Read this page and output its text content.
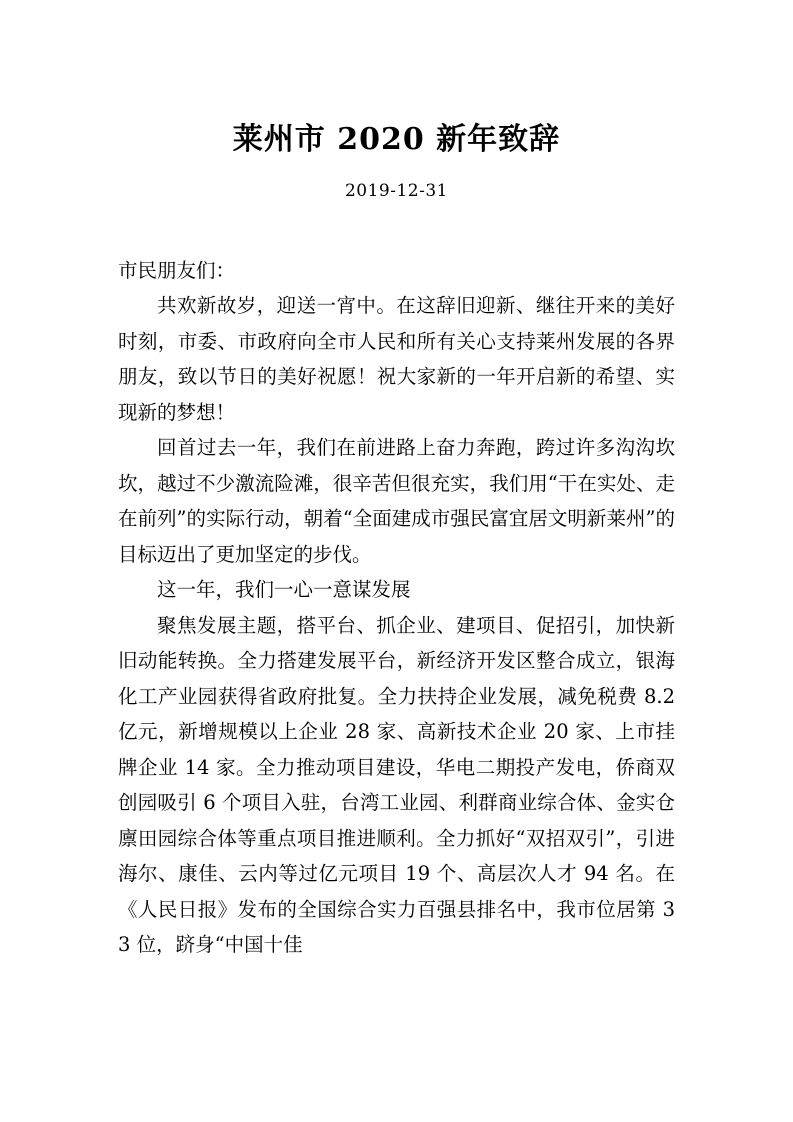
莱州市 2020 新年致辞
2019-12-31

市民朋友们：

共欢新故岁，迎送一宵中。在这辞旧迎新、继往开来的美好时刻，市委、市政府向全市人民和所有关心支持莱州发展的各界朋友，致以节日的美好祝愿！祝大家新的一年开启新的希望、实现新的梦想！

回首过去一年，我们在前进路上奋力奔跑，跨过许多沟沟坎坎，越过不少激流险滩，很辛苦但很充实，我们用“干在实处、走在前列”的实际行动，朝着“全面建成市强民富宜居文明新莱州”的目标迈出了更加坚定的步伐。

这一年，我们一心一意谋发展

聚焦发展主题，搭平台、抓企业、建项目、促招引，加快新旧动能转换。全力搭建发展平台，新经济开发区整合成立，银海化工产业园获得省政府批复。全力扶持企业发展，减免税费 8.2 亿元，新增规模以上企业 28 家、高新技术企业 20 家、上市挂牌企业 14 家。全力推动项目建设，华电二期投产发电，侨商双创园吸引 6 个项目入驻，台湾工业园、利群商业综合体、金实仓廪田园综合体等重点项目推进顺利。全力抓好“双招双引”，引进海尔、康佳、云内等过亿元项目 19 个、高层次人才 94 名。在《人民日报》发布的全国综合实力百强县排名中，我市位居第 33 位，跻身“中国十佳
